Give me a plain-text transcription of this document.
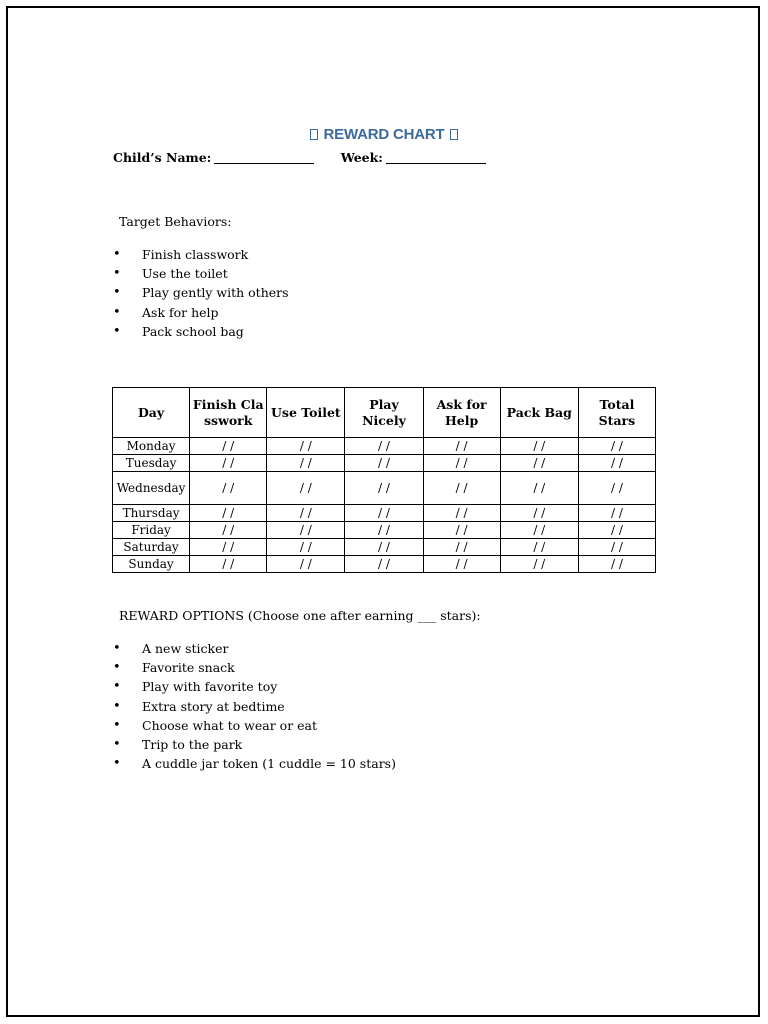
REWARD CHART
Child’s Name:	Week:
Target Behaviors:
• Finish classwork
• Use the toilet
• Play gently with others
• Ask for help
• Pack school bag
Day	Finish Classwork	Use Toilet	Play Nicely	Ask for Help	Pack Bag	Total Stars
Monday	/ /	/ /	/ /	/ /	/ /	/ /
Tuesday	/ /	/ /	/ /	/ /	/ /	/ /
Wednesday	/ /	/ /	/ /	/ /	/ /	/ /
Thursday	/ /	/ /	/ /	/ /	/ /	/ /
Friday	/ /	/ /	/ /	/ /	/ /	/ /
Saturday	/ /	/ /	/ /	/ /	/ /	/ /
Sunday	/ /	/ /	/ /	/ /	/ /	/ /
REWARD OPTIONS (Choose one after earning ___ stars):
• A new sticker
• Favorite snack
• Play with favorite toy
• Extra story at bedtime
• Choose what to wear or eat
• Trip to the park
• A cuddle jar token (1 cuddle = 10 stars)
